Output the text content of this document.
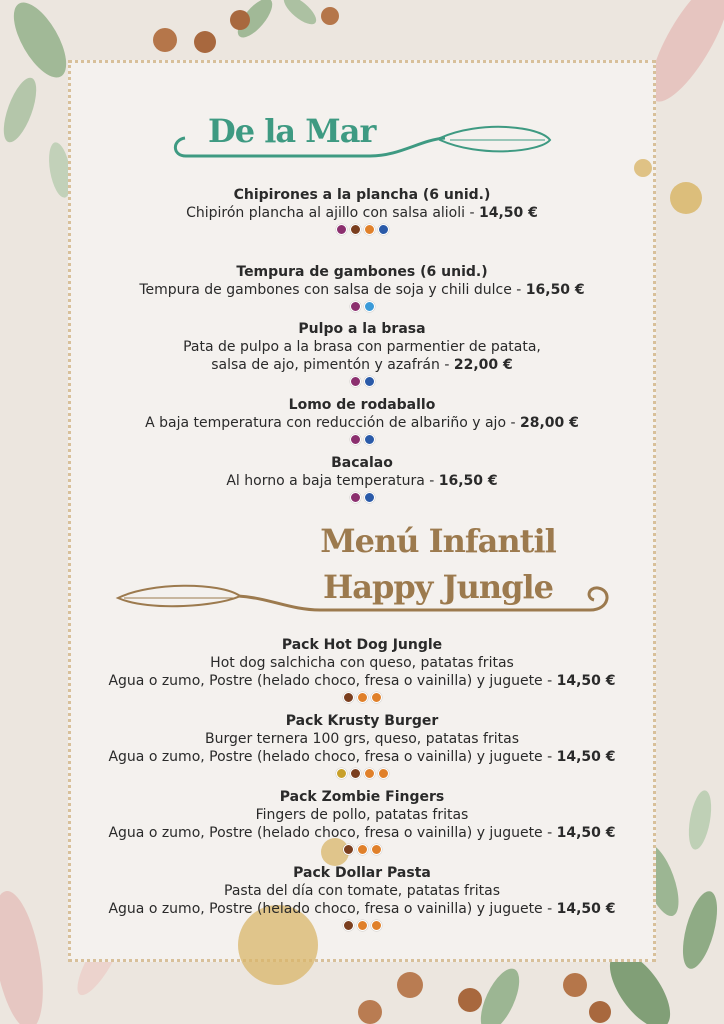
De la Mar
Chipirones a la plancha (6 unid.)
Chipirón plancha al ajillo con salsa alioli - 14,50 €
Tempura de gambones (6 unid.)
Tempura de gambones con salsa de soja y chili dulce - 16,50 €
Pulpo a la brasa
Pata de pulpo a la brasa con parmentier de patata,
salsa de ajo, pimentón y azafrán - 22,00 €
Lomo de rodaballo
A baja temperatura con reducción de albariño y ajo - 28,00 €
Bacalao
Al horno a baja temperatura - 16,50 €
Menú Infantil
Happy Jungle
Pack Hot Dog Jungle
Hot dog salchicha con queso, patatas fritas
Agua o zumo, Postre (helado choco, fresa o vainilla) y juguete - 14,50 €
Pack Krusty Burger
Burger ternera 100 grs, queso, patatas fritas
Agua o zumo, Postre (helado choco, fresa o vainilla) y juguete - 14,50 €
Pack Zombie Fingers
Fingers de pollo, patatas fritas
Agua o zumo, Postre (helado choco, fresa o vainilla) y juguete - 14,50 €
Pack Dollar Pasta
Pasta del día con tomate, patatas fritas
Agua o zumo, Postre (helado choco, fresa o vainilla) y juguete - 14,50 €
